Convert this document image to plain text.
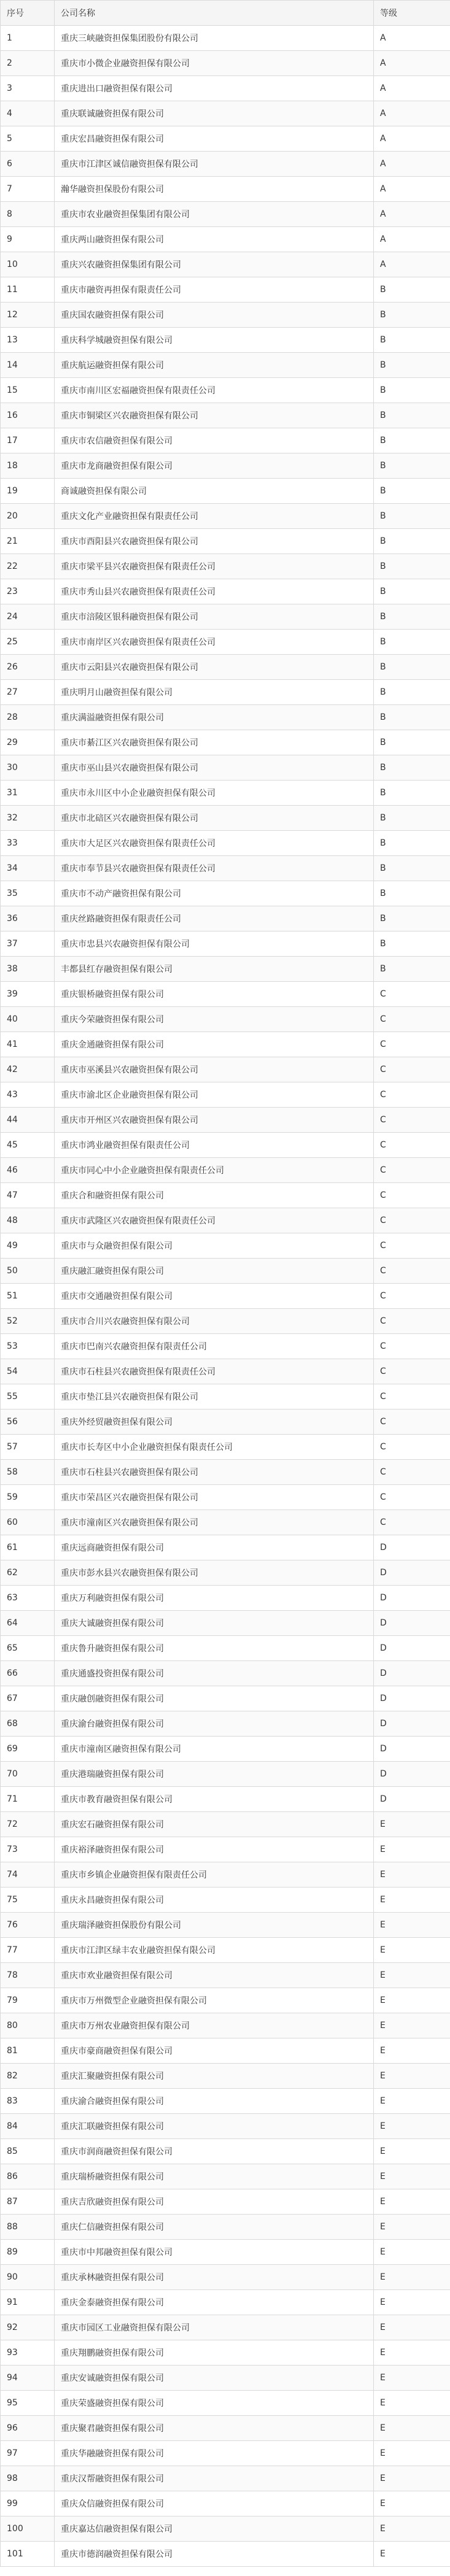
序号	公司名称	等级
1	重庆三峡融资担保集团股份有限公司	A
2	重庆市小微企业融资担保有限公司	A
3	重庆进出口融资担保有限公司	A
4	重庆联诚融资担保有限公司	A
5	重庆宏昌融资担保有限公司	A
6	重庆市江津区诚信融资担保有限公司	A
7	瀚华融资担保股份有限公司	A
8	重庆市农业融资担保集团有限公司	A
9	重庆两山融资担保有限公司	A
10	重庆兴农融资担保集团有限公司	A
11	重庆市融资再担保有限责任公司	B
12	重庆国农融资担保有限公司	B
13	重庆科学城融资担保有限公司	B
14	重庆航运融资担保有限公司	B
15	重庆市南川区宏福融资担保有限责任公司	B
16	重庆市铜梁区兴农融资担保有限公司	B
17	重庆市农信融资担保有限公司	B
18	重庆市龙商融资担保有限公司	B
19	商诚融资担保有限公司	B
20	重庆文化产业融资担保有限责任公司	B
21	重庆市酉阳县兴农融资担保有限公司	B
22	重庆市梁平县兴农融资担保有限责任公司	B
23	重庆市秀山县兴农融资担保有限责任公司	B
24	重庆市涪陵区银科融资担保有限公司	B
25	重庆市南岸区兴农融资担保有限责任公司	B
26	重庆市云阳县兴农融资担保有限公司	B
27	重庆明月山融资担保有限公司	B
28	重庆满溢融资担保有限公司	B
29	重庆市綦江区兴农融资担保有限公司	B
30	重庆市巫山县兴农融资担保有限公司	B
31	重庆市永川区中小企业融资担保有限公司	B
32	重庆市北碚区兴农融资担保有限公司	B
33	重庆市大足区兴农融资担保有限责任公司	B
34	重庆市奉节县兴农融资担保有限责任公司	B
35	重庆市不动产融资担保有限公司	B
36	重庆丝路融资担保有限责任公司	B
37	重庆市忠县兴农融资担保有限公司	B
38	丰都县红存融资担保有限公司	B
39	重庆银桥融资担保有限公司	C
40	重庆今荣融资担保有限公司	C
41	重庆金通融资担保有限公司	C
42	重庆市巫溪县兴农融资担保有限公司	C
43	重庆市渝北区企业融资担保有限公司	C
44	重庆市开州区兴农融资担保有限公司	C
45	重庆市鸿业融资担保有限责任公司	C
46	重庆市同心中小企业融资担保有限责任公司	C
47	重庆合和融资担保有限公司	C
48	重庆市武隆区兴农融资担保有限责任公司	C
49	重庆市与众融资担保有限公司	C
50	重庆融汇融资担保有限公司	C
51	重庆市交通融资担保有限公司	C
52	重庆市合川兴农融资担保有限公司	C
53	重庆市巴南兴农融资担保有限责任公司	C
54	重庆市石柱县兴农融资担保有限责任公司	C
55	重庆市垫江县兴农融资担保有限公司	C
56	重庆外经贸融资担保有限公司	C
57	重庆市长寿区中小企业融资担保有限责任公司	C
58	重庆市石柱县兴农融资担保有限公司	C
59	重庆市荣昌区兴农融资担保有限公司	C
60	重庆市潼南区兴农融资担保有限公司	C
61	重庆远商融资担保有限公司	D
62	重庆市彭水县兴农融资担保有限公司	D
63	重庆万利融资担保有限公司	D
64	重庆大诚融资担保有限公司	D
65	重庆鲁升融资担保有限公司	D
66	重庆通盛投资担保有限公司	D
67	重庆融创融资担保有限公司	D
68	重庆渝台融资担保有限公司	D
69	重庆市潼南区融资担保有限公司	D
70	重庆港瑞融资担保有限公司	D
71	重庆市教育融资担保有限公司	D
72	重庆宏石融资担保有限公司	E
73	重庆裕泽融资担保有限公司	E
74	重庆市乡镇企业融资担保有限责任公司	E
75	重庆永昌融资担保有限公司	E
76	重庆瑞泽融资担保股份有限公司	E
77	重庆市江津区绿丰农业融资担保有限公司	E
78	重庆市欢业融资担保有限公司	E
79	重庆市万州微型企业融资担保有限公司	E
80	重庆市万州农业融资担保有限公司	E
81	重庆市豪商融资担保有限公司	E
82	重庆汇聚融资担保有限公司	E
83	重庆渝合融资担保有限公司	E
84	重庆汇联融资担保有限公司	E
85	重庆市润商融资担保有限公司	E
86	重庆瑞桥融资担保有限公司	E
87	重庆吉欣融资担保有限公司	E
88	重庆仁信融资担保有限公司	E
89	重庆市中邦融资担保有限公司	E
90	重庆承林融资担保有限公司	E
91	重庆金泰融资担保有限公司	E
92	重庆市园区工业融资担保有限公司	E
93	重庆翔鹏融资担保有限公司	E
94	重庆安诚融资担保有限公司	E
95	重庆荣盛融资担保有限公司	E
96	重庆聚君融资担保有限公司	E
97	重庆华融融资担保有限公司	E
98	重庆汉帮融资担保有限公司	E
99	重庆众信融资担保有限公司	E
100	重庆嘉达信融资担保有限公司	E
101	重庆市德润融资担保有限公司	E
